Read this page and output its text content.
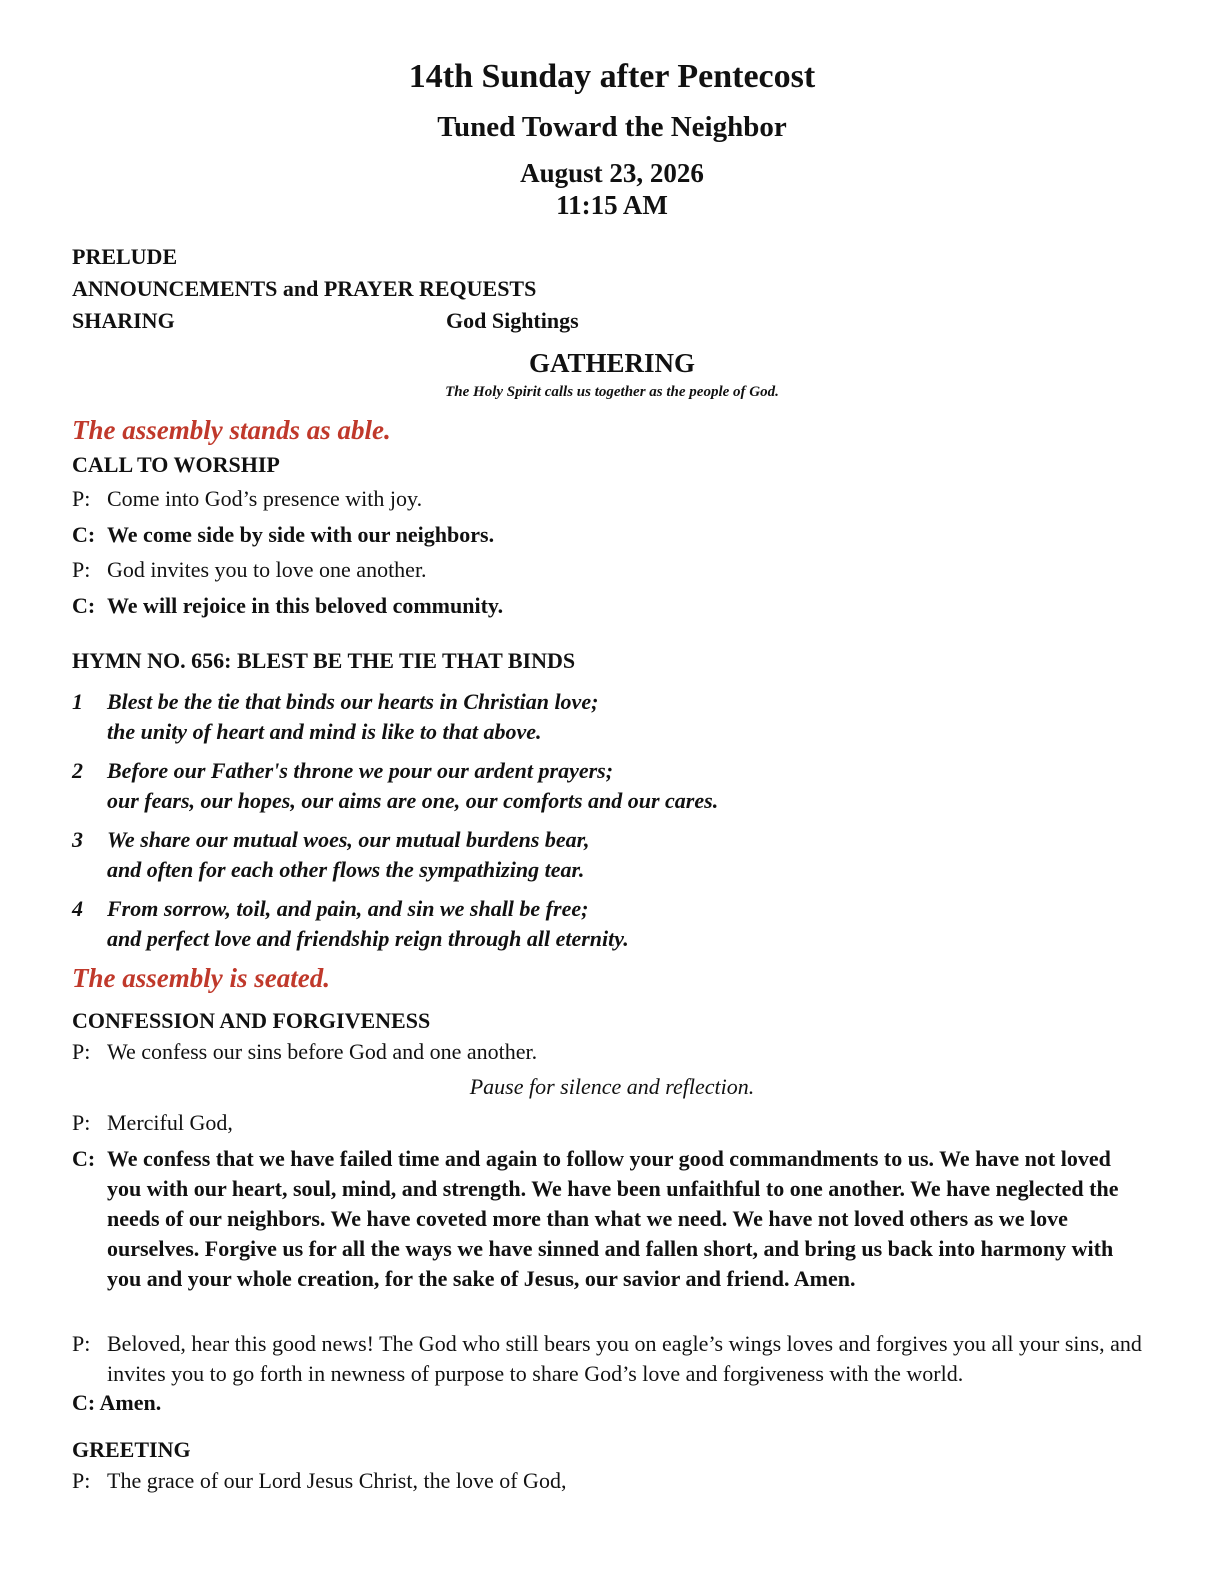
14th Sunday after Pentecost
Tuned Toward the Neighbor
August 23, 2026
11:15 AM
PRELUDE
ANNOUNCEMENTS and PRAYER REQUESTS
SHARING	God Sightings
GATHERING
The Holy Spirit calls us together as the people of God.
The assembly stands as able.
CALL TO WORSHIP
P: Come into God’s presence with joy.
C: We come side by side with our neighbors.
P: God invites you to love one another.
C: We will rejoice in this beloved community.
HYMN NO. 656: BLEST BE THE TIE THAT BINDS
1 Blest be the tie that binds our hearts in Christian love;
the unity of heart and mind is like to that above.
2 Before our Father's throne we pour our ardent prayers;
our fears, our hopes, our aims are one, our comforts and our cares.
3 We share our mutual woes, our mutual burdens bear,
and often for each other flows the sympathizing tear.
4 From sorrow, toil, and pain, and sin we shall be free;
and perfect love and friendship reign through all eternity.
The assembly is seated.
CONFESSION AND FORGIVENESS
P: We confess our sins before God and one another.
Pause for silence and reflection.
P: Merciful God,
C: We confess that we have failed time and again to follow your good commandments to us. We have not loved you with our heart, soul, mind, and strength. We have been unfaithful to one another. We have neglected the needs of our neighbors. We have coveted more than what we need. We have not loved others as we love ourselves. Forgive us for all the ways we have sinned and fallen short, and bring us back into harmony with you and your whole creation, for the sake of Jesus, our savior and friend. Amen.
P: Beloved, hear this good news! The God who still bears you on eagle’s wings loves and forgives you all your sins, and invites you to go forth in newness of purpose to share God’s love and forgiveness with the world.
C: Amen.
GREETING
P: The grace of our Lord Jesus Christ, the love of God,
